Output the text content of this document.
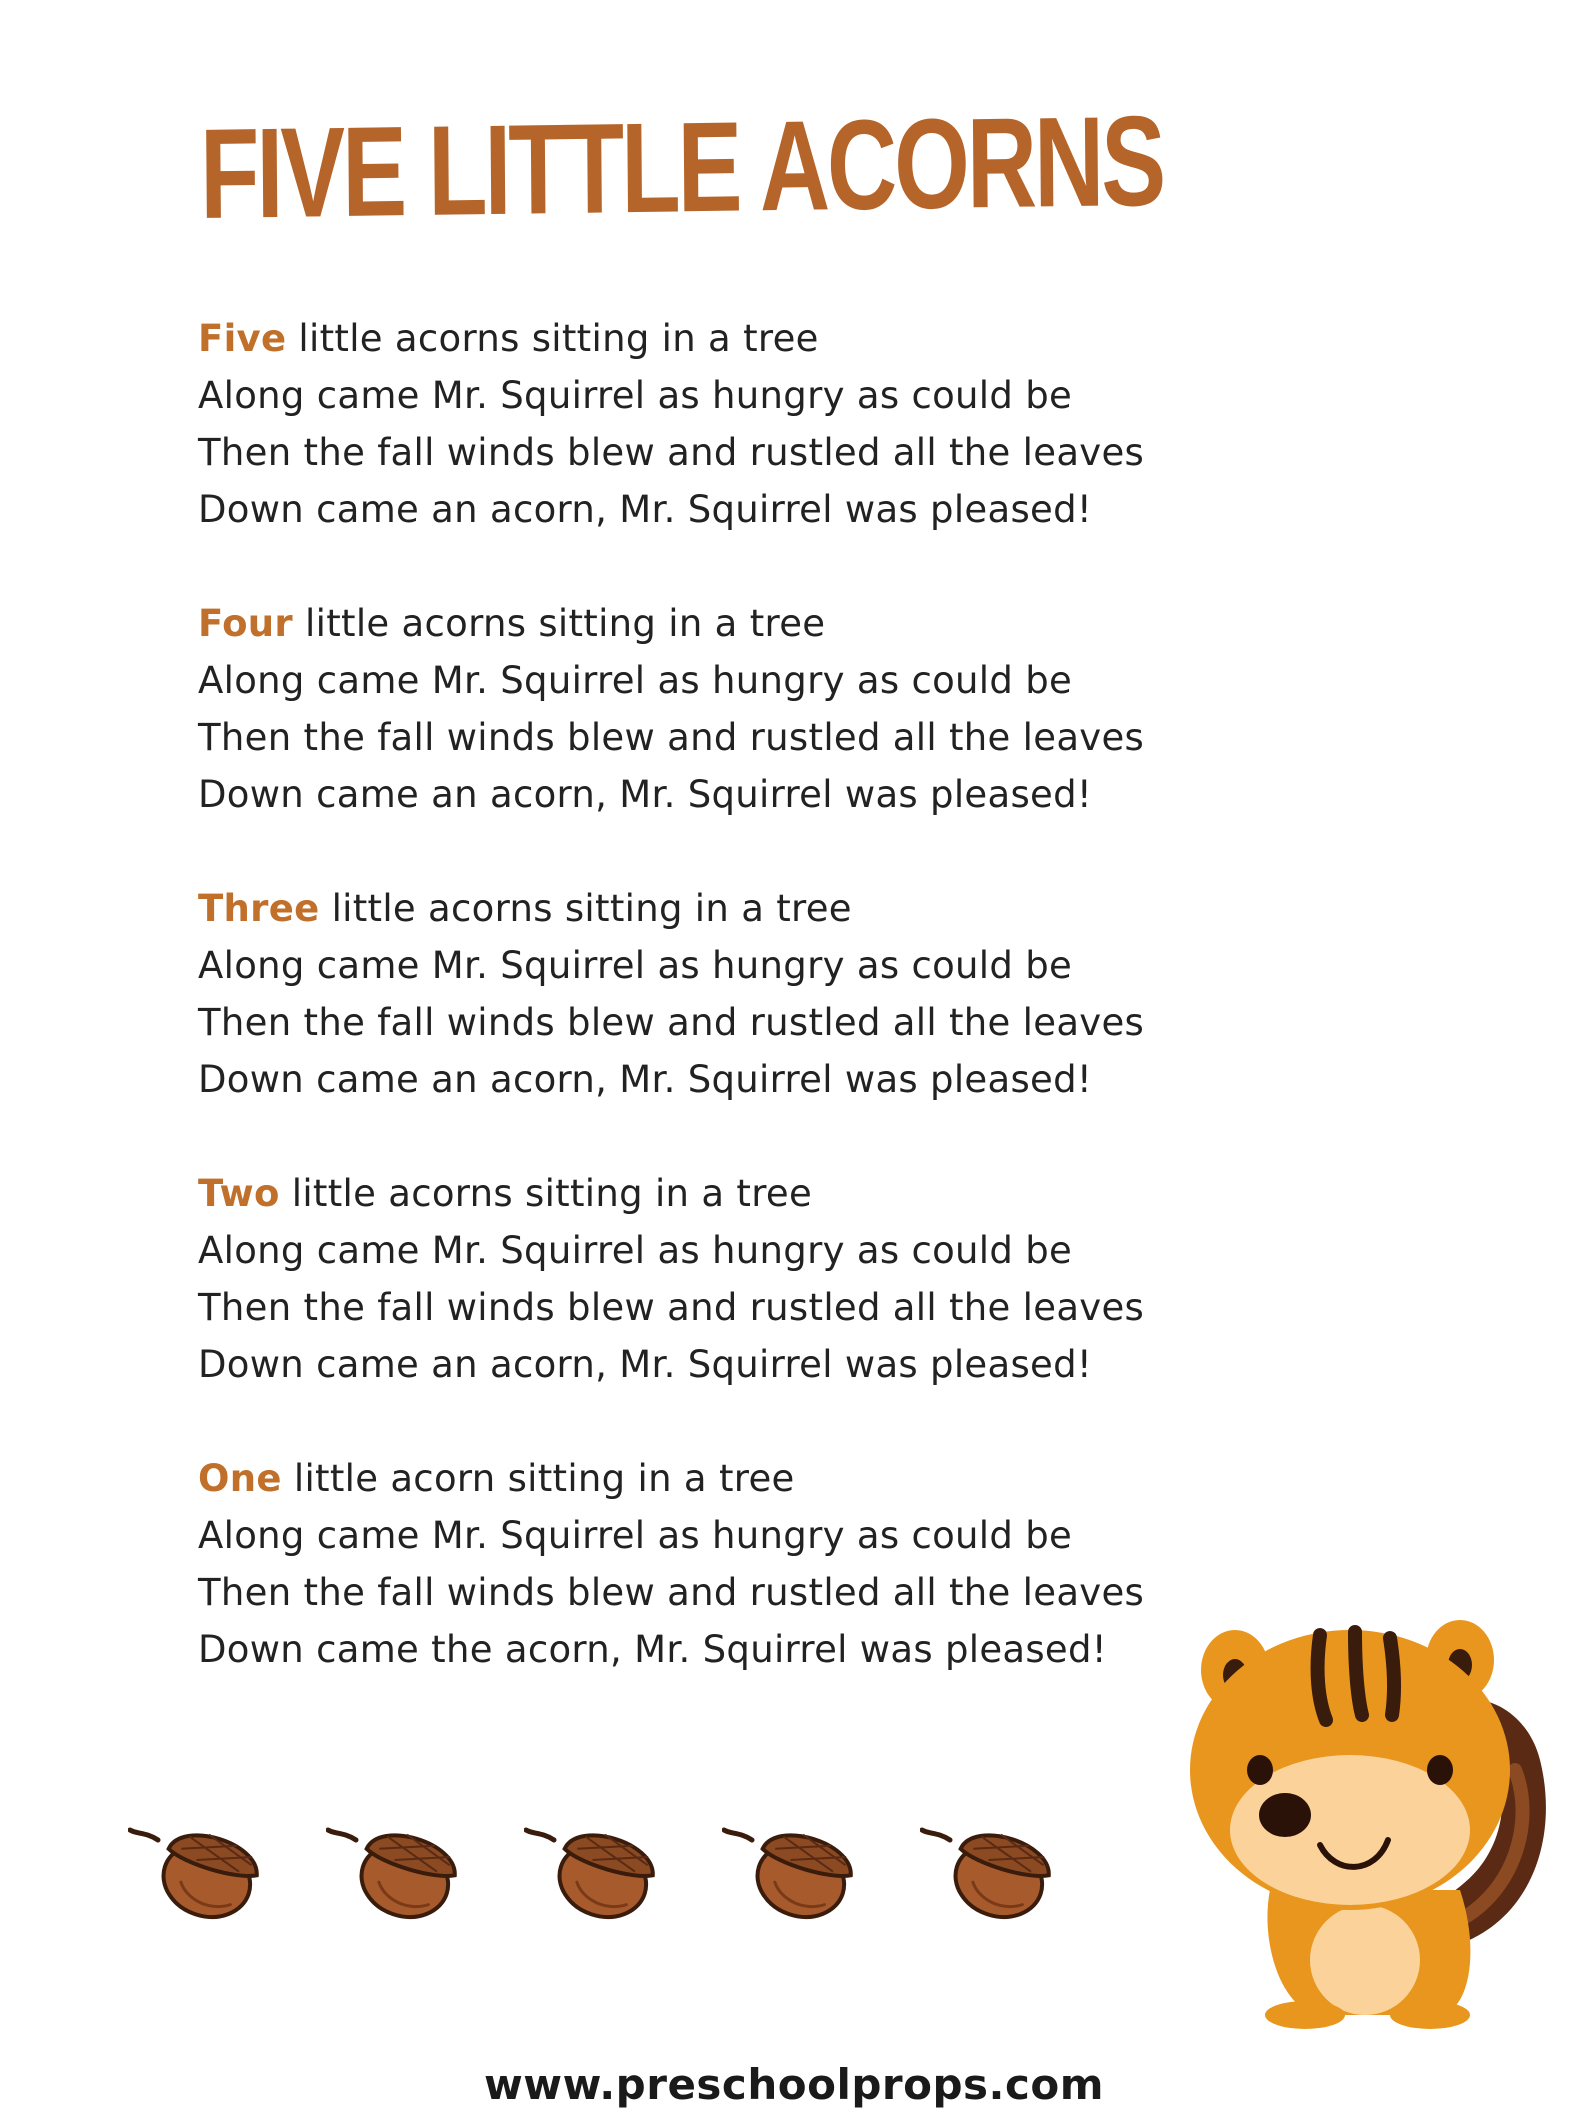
FIVE LITTLE ACORNS
Five little acorns sitting in a tree
Along came Mr. Squirrel as hungry as could be
Then the fall winds blew and rustled all the leaves
Down came an acorn, Mr. Squirrel was pleased!
Four little acorns sitting in a tree
Along came Mr. Squirrel as hungry as could be
Then the fall winds blew and rustled all the leaves
Down came an acorn, Mr. Squirrel was pleased!
Three little acorns sitting in a tree
Along came Mr. Squirrel as hungry as could be
Then the fall winds blew and rustled all the leaves
Down came an acorn, Mr. Squirrel was pleased!
Two little acorns sitting in a tree
Along came Mr. Squirrel as hungry as could be
Then the fall winds blew and rustled all the leaves
Down came an acorn, Mr. Squirrel was pleased!
One little acorn sitting in a tree
Along came Mr. Squirrel as hungry as could be
Then the fall winds blew and rustled all the leaves
Down came the acorn, Mr. Squirrel was pleased!
www.preschoolprops.com
